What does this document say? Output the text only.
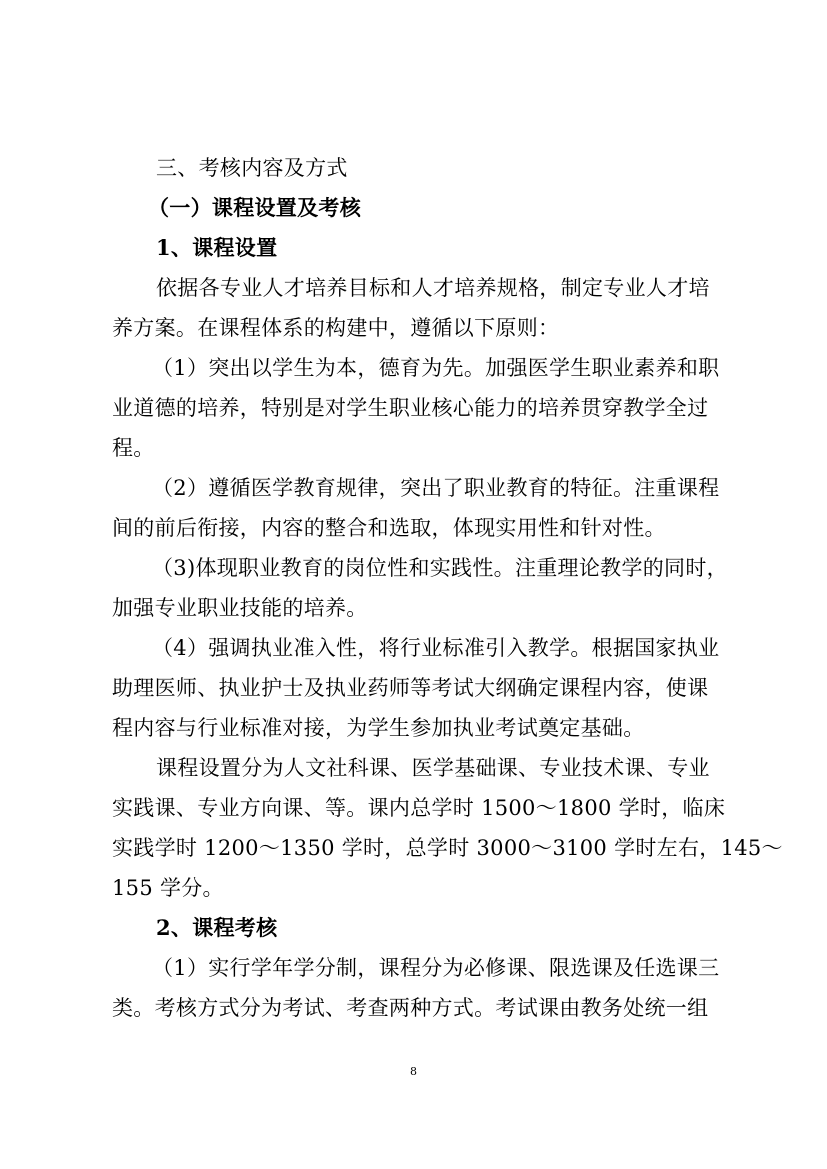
三、考核内容及方式
（一）课程设置及考核
1、课程设置
依据各专业人才培养目标和人才培养规格，制定专业人才培
养方案。在课程体系的构建中，遵循以下原则：
（1）突出以学生为本，德育为先。加强医学生职业素养和职
业道德的培养，特别是对学生职业核心能力的培养贯穿教学全过
程。
（2）遵循医学教育规律，突出了职业教育的特征。注重课程
间的前后衔接，内容的整合和选取，体现实用性和针对性。
（3)体现职业教育的岗位性和实践性。注重理论教学的同时，
加强专业职业技能的培养。
（4）强调执业准入性，将行业标准引入教学。根据国家执业
助理医师、执业护士及执业药师等考试大纲确定课程内容，使课
程内容与行业标准对接，为学生参加执业考试奠定基础。
课程设置分为人文社科课、医学基础课、专业技术课、专业
实践课、专业方向课、等。课内总学时 1500～1800 学时，临床
实践学时 1200～1350 学时，总学时 3000～3100 学时左右，145～
155 学分。
2、课程考核
（1）实行学年学分制，课程分为必修课、限选课及任选课三
类。考核方式分为考试、考查两种方式。考试课由教务处统一组
8
